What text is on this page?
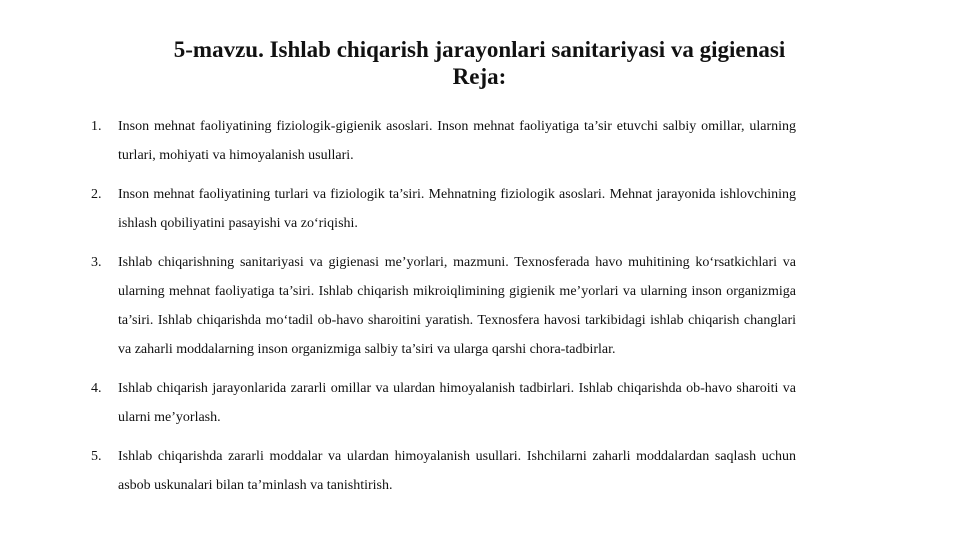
5-mavzu. Ishlab chiqarish jarayonlari sanitariyasi va gigienasi
Reja:
1. Inson mehnat faoliyatining fiziologik-gigienik asoslari. Inson mehnat faoliyatiga ta’sir etuvchi salbiy omillar, ularning turlari, mohiyati va himoyalanish usullari.
2. Inson mehnat faoliyatining turlari va fiziologik ta’siri. Mehnatning fiziologik asoslari. Mehnat jarayonida ishlovchining ishlash qobiliyatini pasayishi va zo‘riqishi.
3. Ishlab chiqarishning sanitariyasi va gigienasi me’yorlari, mazmuni. Texnosferada havo muhitining ko‘rsatkichlari va ularning mehnat faoliyatiga ta’siri. Ishlab chiqarish mikroiqlimining gigienik me’yorlari va ularning inson organizmiga ta’siri. Ishlab chiqarishda mo‘tadil ob-havo sharoitini yaratish. Texnosfera havosi tarkibidagi ishlab chiqarish changlari va zaharli moddalarning inson organizmiga salbiy ta’siri va ularga qarshi chora-tadbirlar.
4. Ishlab chiqarish jarayonlarida zararli omillar va ulardan himoyalanish tadbirlari. Ishlab chiqarishda ob-havo sharoiti va ularni me’yorlash.
5. Ishlab chiqarishda zararli moddalar va ulardan himoyalanish usullari. Ishchilarni zaharli moddalardan saqlash uchun asbob uskunalari bilan ta’minlash va tanishtirish.
